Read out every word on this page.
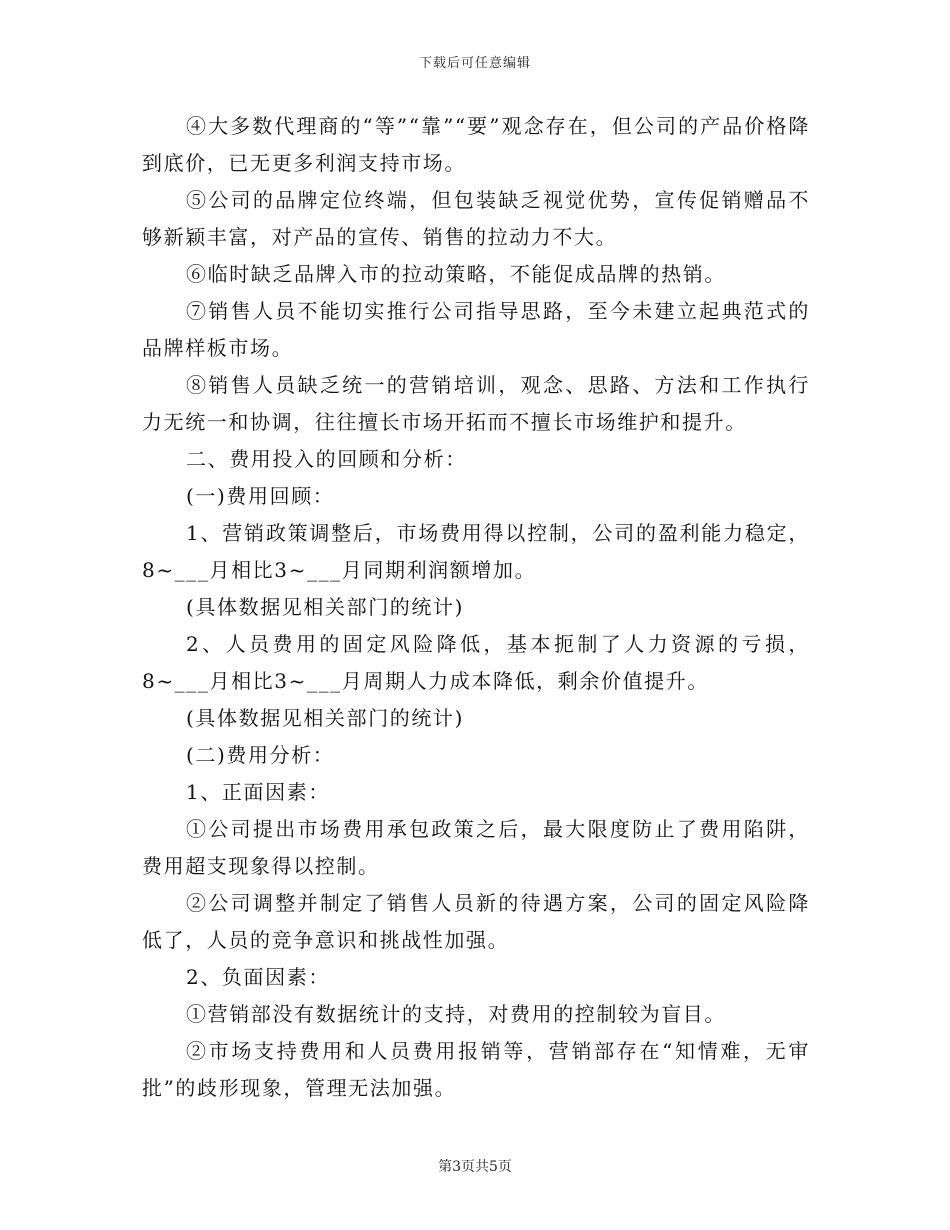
下载后可任意编辑

④大多数代理商的“等”“靠”“要”观念存在，但公司的产品价格降到底价，已无更多利润支持市场。

⑤公司的品牌定位终端，但包装缺乏视觉优势，宣传促销赠品不够新颖丰富，对产品的宣传、销售的拉动力不大。

⑥临时缺乏品牌入市的拉动策略，不能促成品牌的热销。

⑦销售人员不能切实推行公司指导思路，至今未建立起典范式的品牌样板市场。

⑧销售人员缺乏统一的营销培训，观念、思路、方法和工作执行力无统一和协调，往往擅长市场开拓而不擅长市场维护和提升。

二、费用投入的回顾和分析：

(一)费用回顾：

1、营销政策调整后，市场费用得以控制，公司的盈利能力稳定，8~___月相比3~___月同期利润额增加。

(具体数据见相关部门的统计)

2、人员费用的固定风险降低，基本扼制了人力资源的亏损，8~___月相比3~___月周期人力成本降低，剩余价值提升。

(具体数据见相关部门的统计)

(二)费用分析：

1、正面因素：

①公司提出市场费用承包政策之后，最大限度防止了费用陷阱，费用超支现象得以控制。

②公司调整并制定了销售人员新的待遇方案，公司的固定风险降低了，人员的竞争意识和挑战性加强。

2、负面因素：

①营销部没有数据统计的支持，对费用的控制较为盲目。

②市场支持费用和人员费用报销等，营销部存在“知情难，无审批”的歧形现象，管理无法加强。

第3页共5页
